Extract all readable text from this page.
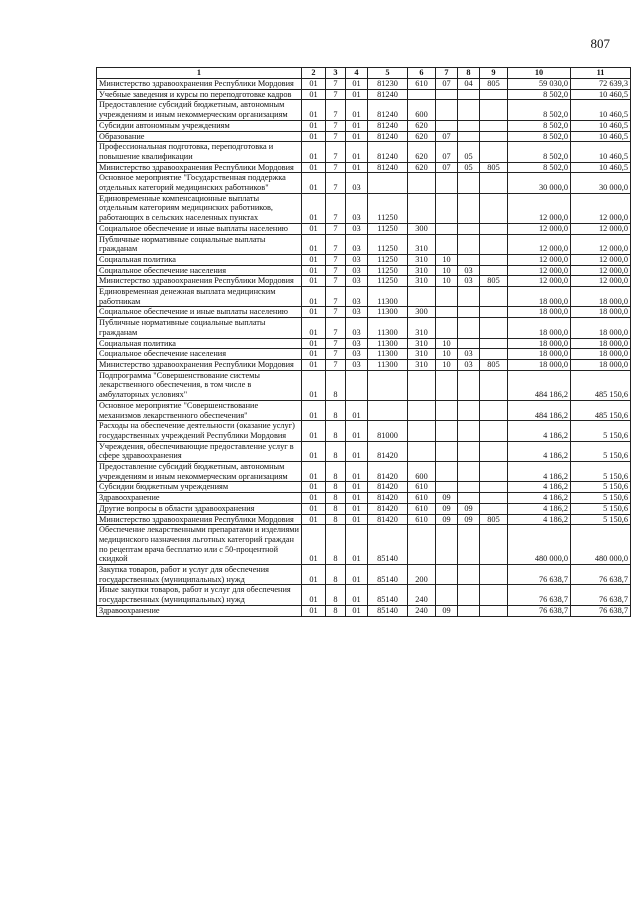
807
1	2	3	4	5	6	7	8	9	10	11
Министерство здравоохранения Республики Мордовия	01	7	01	81230	610	07	04	805	59 030,0	72 639,3
Учебные заведения и курсы по переподготовке кадров	01	7	01	81240					8 502,0	10 460,5
Предоставление субсидий бюджетным, автономным учреждениям и иным некоммерческим организациям	01	7	01	81240	600				8 502,0	10 460,5
Субсидии автономным учреждениям	01	7	01	81240	620				8 502,0	10 460,5
Образование	01	7	01	81240	620	07			8 502,0	10 460,5
Профессиональная подготовка, переподготовка и повышение квалификации	01	7	01	81240	620	07	05		8 502,0	10 460,5
Министерство здравоохранения Республики Мордовия	01	7	01	81240	620	07	05	805	8 502,0	10 460,5
Основное мероприятие "Государственная поддержка отдельных категорий медицинских работников"	01	7	03						30 000,0	30 000,0
Единовременные компенсационные выплаты отдельным категориям медицинских работников, работающих в сельских населенных пунктах	01	7	03	11250					12 000,0	12 000,0
Социальное обеспечение и иные выплаты населению	01	7	03	11250	300				12 000,0	12 000,0
Публичные нормативные социальные выплаты гражданам	01	7	03	11250	310				12 000,0	12 000,0
Социальная политика	01	7	03	11250	310	10			12 000,0	12 000,0
Социальное обеспечение населения	01	7	03	11250	310	10	03		12 000,0	12 000,0
Министерство здравоохранения Республики Мордовия	01	7	03	11250	310	10	03	805	12 000,0	12 000,0
Единовременная денежная выплата медицинским работникам	01	7	03	11300					18 000,0	18 000,0
Социальное обеспечение и иные выплаты населению	01	7	03	11300	300				18 000,0	18 000,0
Публичные нормативные социальные выплаты гражданам	01	7	03	11300	310				18 000,0	18 000,0
Социальная политика	01	7	03	11300	310	10			18 000,0	18 000,0
Социальное обеспечение населения	01	7	03	11300	310	10	03		18 000,0	18 000,0
Министерство здравоохранения Республики Мордовия	01	7	03	11300	310	10	03	805	18 000,0	18 000,0
Подпрограмма "Совершенствование системы лекарственного обеспечения, в том числе в амбулаторных условиях"	01	8							484 186,2	485 150,6
Основное мероприятие "Совершенствование механизмов лекарственного обеспечения"	01	8	01						484 186,2	485 150,6
Расходы на обеспечение деятельности (оказание услуг) государственных учреждений Республики Мордовия	01	8	01	81000					4 186,2	5 150,6
Учреждения, обеспечивающие предоставление услуг в сфере здравоохранения	01	8	01	81420					4 186,2	5 150,6
Предоставление субсидий бюджетным, автономным учреждениям и иным некоммерческим организациям	01	8	01	81420	600				4 186,2	5 150,6
Субсидии бюджетным учреждениям	01	8	01	81420	610				4 186,2	5 150,6
Здравоохранение	01	8	01	81420	610	09			4 186,2	5 150,6
Другие вопросы в области здравоохранения	01	8	01	81420	610	09	09		4 186,2	5 150,6
Министерство здравоохранения Республики Мордовия	01	8	01	81420	610	09	09	805	4 186,2	5 150,6
Обеспечение лекарственными препаратами и изделиями медицинского назначения льготных категорий граждан по рецептам врача бесплатно или с 50-процентной скидкой	01	8	01	85140					480 000,0	480 000,0
Закупка товаров, работ и услуг для обеспечения государственных (муниципальных) нужд	01	8	01	85140	200				76 638,7	76 638,7
Иные закупки товаров, работ и услуг для обеспечения государственных (муниципальных) нужд	01	8	01	85140	240				76 638,7	76 638,7
Здравоохранение	01	8	01	85140	240	09			76 638,7	76 638,7
